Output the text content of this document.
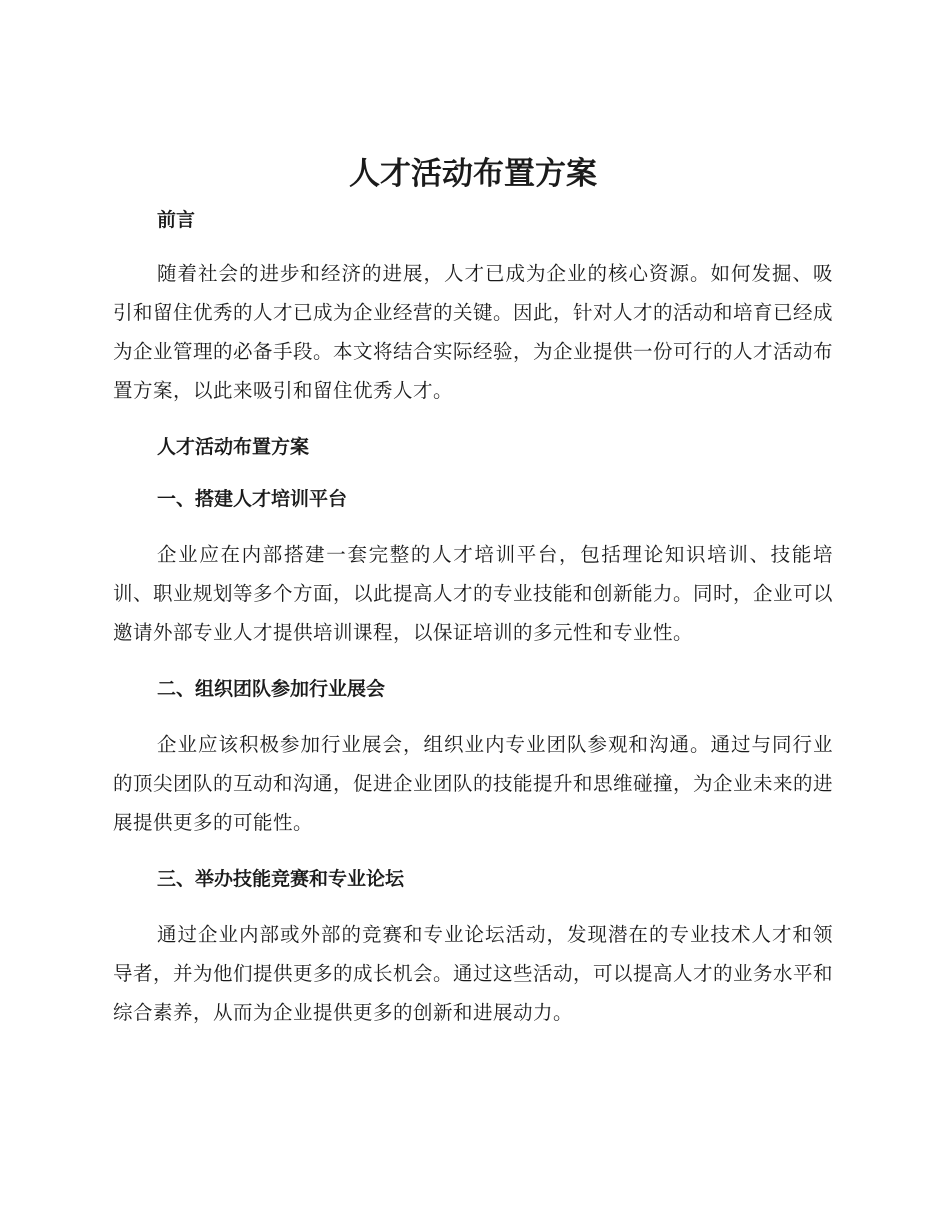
人才活动布置方案

前言

随着社会的进步和经济的进展，人才已成为企业的核心资源。如何发掘、吸引和留住优秀的人才已成为企业经营的关键。因此，针对人才的活动和培育已经成为企业管理的必备手段。本文将结合实际经验，为企业提供一份可行的人才活动布置方案，以此来吸引和留住优秀人才。

人才活动布置方案

一、搭建人才培训平台

企业应在内部搭建一套完整的人才培训平台，包括理论知识培训、技能培训、职业规划等多个方面，以此提高人才的专业技能和创新能力。同时，企业可以邀请外部专业人才提供培训课程，以保证培训的多元性和专业性。

二、组织团队参加行业展会

企业应该积极参加行业展会，组织业内专业团队参观和沟通。通过与同行业的顶尖团队的互动和沟通，促进企业团队的技能提升和思维碰撞，为企业未来的进展提供更多的可能性。

三、举办技能竞赛和专业论坛

通过企业内部或外部的竞赛和专业论坛活动，发现潜在的专业技术人才和领导者，并为他们提供更多的成长机会。通过这些活动，可以提高人才的业务水平和综合素养，从而为企业提供更多的创新和进展动力。
